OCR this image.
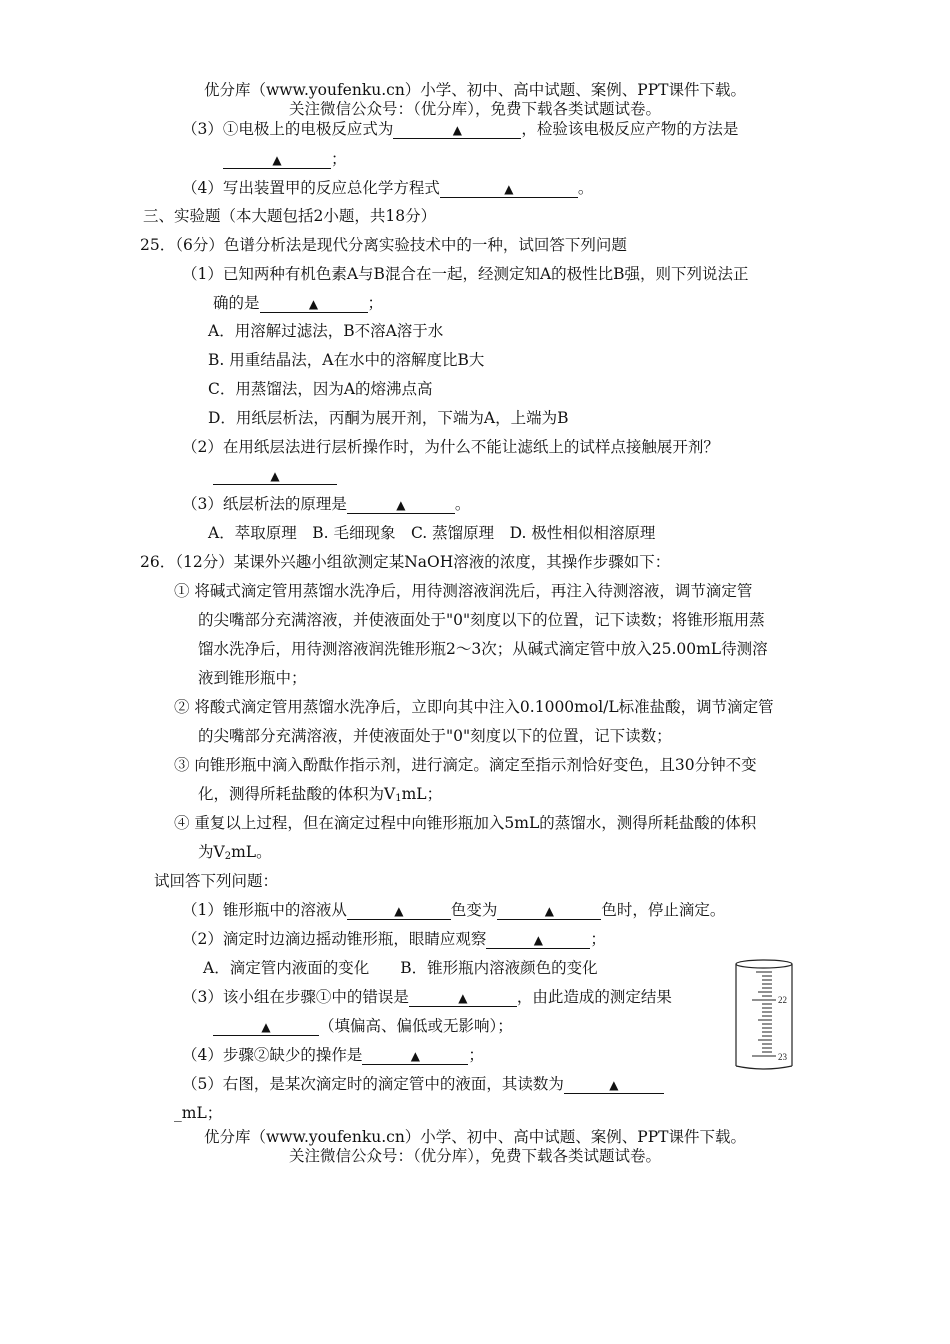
优分库（www.youfenku.cn）小学、初中、高中试题、案例、PPT课件下载。
关注微信公众号：（优分库），免费下载各类试题试卷。
（3）①电极上的电极反应式为	▲	，检验该电极反应产物的方法是
▲	；
（4）写出装置甲的反应总化学方程式	▲	。
三、实验题（本大题包括2小题，共18分）
25．（6分）色谱分析法是现代分离实验技术中的一种，试回答下列问题
（1）已知两种有机色素A与B混合在一起，经测定知A的极性比B强，则下列说法正
确的是	▲	；
A．用溶解过滤法，B不溶A溶于水
B. 用重结晶法，A在水中的溶解度比B大
C．用蒸馏法，因为A的熔沸点高
D．用纸层析法，丙酮为展开剂，下端为A，上端为B
（2）在用纸层法进行层析操作时，为什么不能让滤纸上的试样点接触展开剂？
▲
（3）纸层析法的原理是	▲	。
A．萃取原理　B. 毛细现象　C. 蒸馏原理　D. 极性相似相溶原理
26．（12分）某课外兴趣小组欲测定某NaOH溶液的浓度，其操作步骤如下：
① 将碱式滴定管用蒸馏水洗净后，用待测溶液润洗后，再注入待测溶液，调节滴定管
的尖嘴部分充满溶液，并使液面处于"0"刻度以下的位置，记下读数；将锥形瓶用蒸
馏水洗净后，用待测溶液润洗锥形瓶2～3次；从碱式滴定管中放入25.00mL待测溶
液到锥形瓶中；
② 将酸式滴定管用蒸馏水洗净后，立即向其中注入0.1000mol/L标准盐酸，调节滴定管
的尖嘴部分充满溶液，并使液面处于"0"刻度以下的位置，记下读数；
③ 向锥形瓶中滴入酚酞作指示剂，进行滴定。滴定至指示剂恰好变色，且30分钟不变
化，测得所耗盐酸的体积为$V_1mL$；
④ 重复以上过程，但在滴定过程中向锥形瓶加入5mL的蒸馏水，测得所耗盐酸的体积
为$V_2mL$。
试回答下列问题：
（1）锥形瓶中的溶液从	▲	色变为	▲	色时，停止滴定。
（2）滴定时边滴边摇动锥形瓶，眼睛应观察	▲	；
A．滴定管内液面的变化　　B．锥形瓶内溶液颜色的变化
（3）该小组在步骤①中的错误是	▲	，由此造成的测定结果
▲	（填偏高、偏低或无影响）；
（4）步骤②缺少的操作是	▲	；
（5）右图，是某次滴定时的滴定管中的液面，其读数为	▲
_mL；
22
23
优分库（www.youfenku.cn）小学、初中、高中试题、案例、PPT课件下载。
关注微信公众号：（优分库），免费下载各类试题试卷。
